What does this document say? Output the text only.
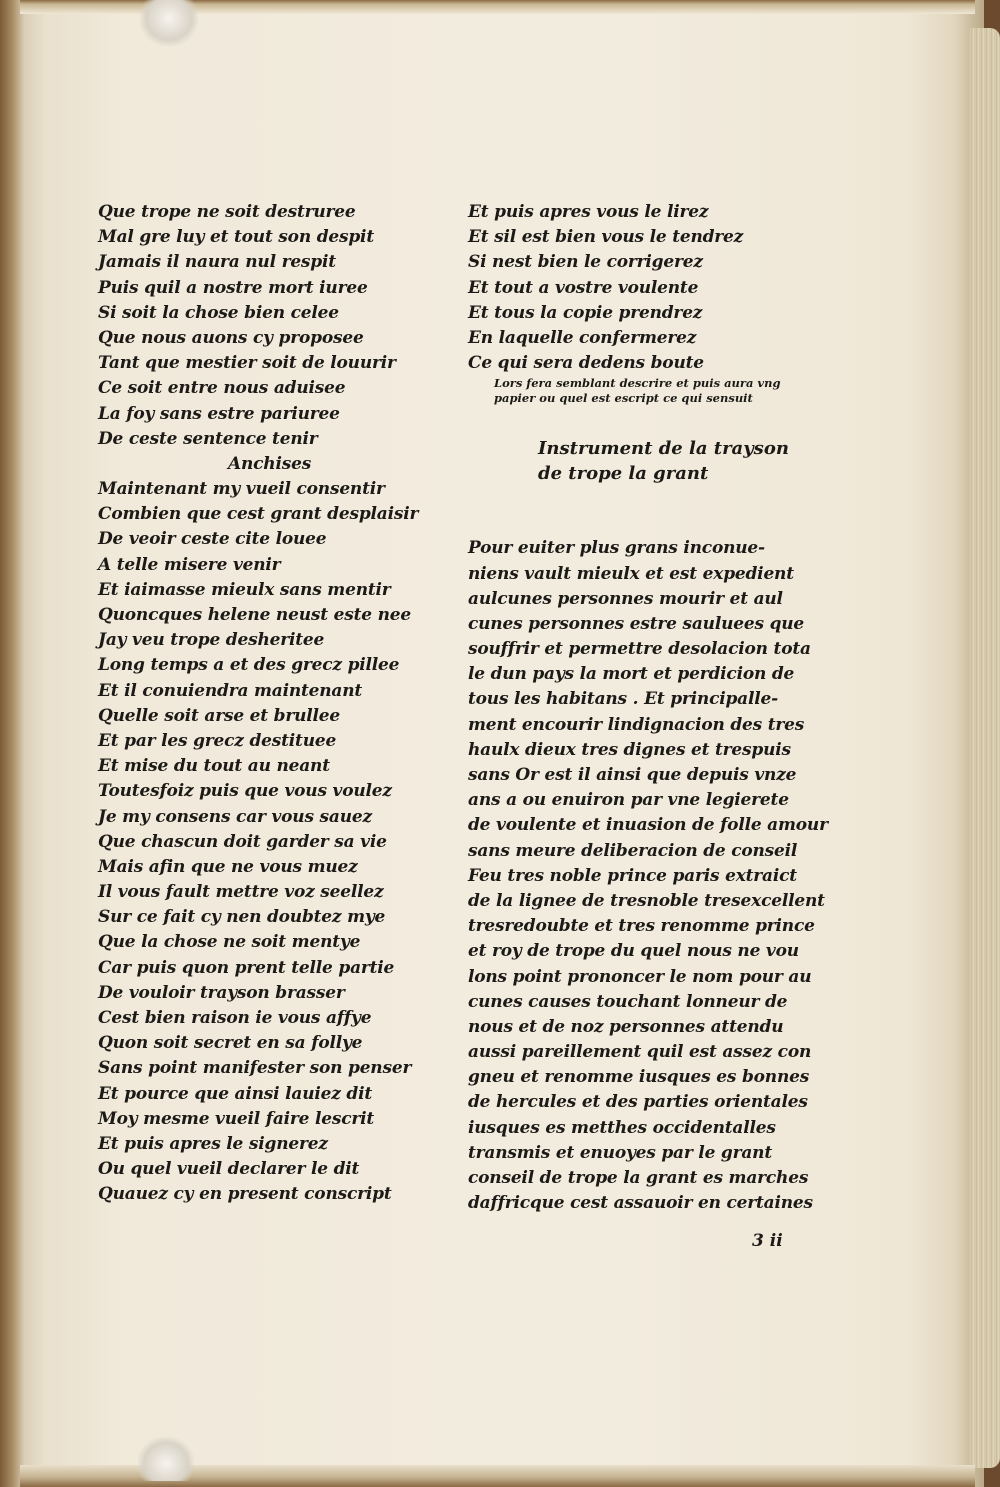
Que trope ne soit destruree
Mal gre luy et tout son despit
Jamais il naura nul respit
Puis quil a nostre mort iuree
Si soit la chose bien celee
Que nous auons cy proposee
Tant que mestier soit de louurir
Ce soit entre nous aduisee
La foy sans estre pariuree
De ceste sentence tenir
Anchises
Maintenant my vueil consentir
Combien que cest grant desplaisir
De veoir ceste cite louee
A telle misere venir
Et iaimasse mieulx sans mentir
Quoncques helene neust este nee
Jay veu trope desheritee
Long temps a et des grecz pillee
Et il conuiendra maintenant
Quelle soit arse et brullee
Et par les grecz destituee
Et mise du tout au neant
Toutesfoiz puis que vous voulez
Je my consens car vous sauez
Que chascun doit garder sa vie
Mais afin que ne vous muez
Il vous fault mettre voz seellez
Sur ce fait cy nen doubtez mye
Que la chose ne soit mentye
Car puis quon prent telle partie
De vouloir trayson brasser
Cest bien raison ie vous affye
Quon soit secret en sa follye
Sans point manifester son penser
Et pource que ainsi lauiez dit
Moy mesme vueil faire lescrit
Et puis apres le signerez
Ou quel vueil declarer le dit
Quauez cy en present conscript
Et puis apres vous le lirez
Et sil est bien vous le tendrez
Si nest bien le corrigerez
Et tout a vostre voulente
Et tous la copie prendrez
En laquelle confermerez
Ce qui sera dedens boute
Lors fera semblant descrire et puis aura vng
papier ou quel est escript ce qui sensuit
Instrument de la trayson
de trope la grant
Pour euiter plus grans inconue-
niens vault mieulx et est expedient
aulcunes personnes mourir et aul
cunes personnes estre sauluees que
souffrir et permettre desolacion tota
le dun pays la mort et perdicion de
tous les habitans . Et principalle-
ment encourir lindignacion des tres
haulx dieux tres dignes et trespuis
sans Or est il ainsi que depuis vnze
ans a ou enuiron par vne legierete
de voulente et inuasion de folle amour
sans meure deliberacion de conseil
Feu tres noble prince paris extraict
de la lignee de tresnoble tresexcellent
tresredoubte et tres renomme prince
et roy de trope du quel nous ne vou
lons point prononcer le nom pour au
cunes causes touchant lonneur de
nous et de noz personnes attendu
aussi pareillement quil est assez con
gneu et renomme iusques es bonnes
de hercules et des parties orientales
iusques es metthes occidentalles
transmis et enuoyes par le grant
conseil de trope la grant es marches
daffricque cest assauoir en certaines
3 ii
